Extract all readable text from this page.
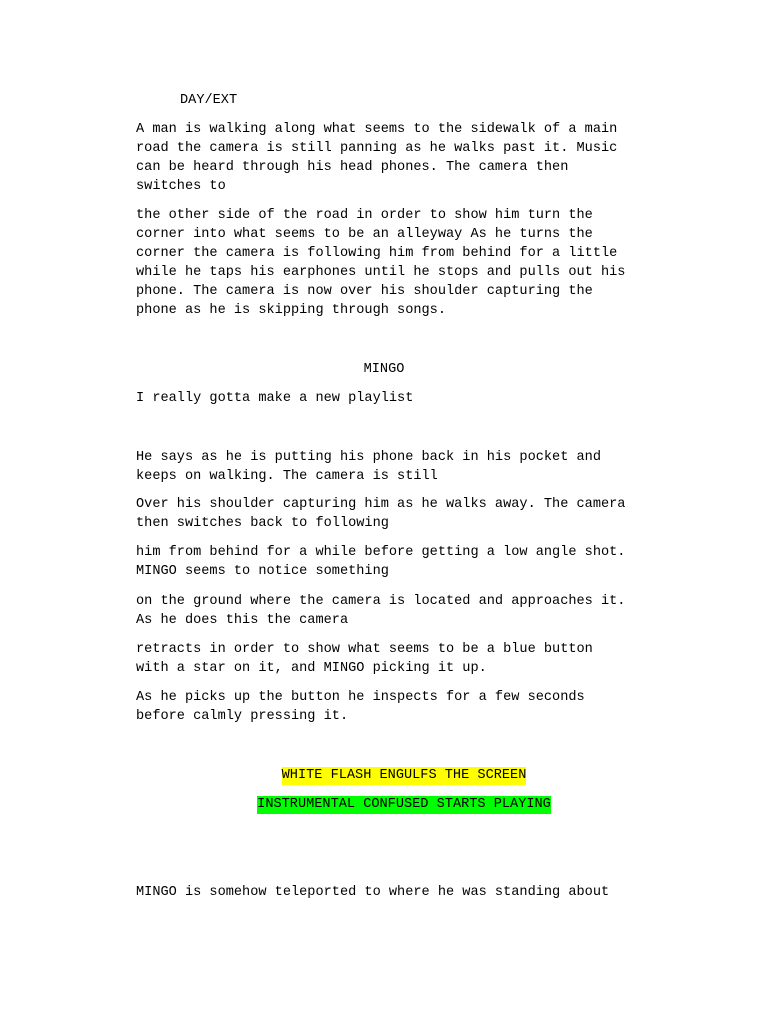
DAY/EXT

A man is walking along what seems to the sidewalk of a main
road the camera is still panning as he walks past it. Music
can be heard through his head phones. The camera then
switches to

the other side of the road in order to show him turn the
corner into what seems to be an alleyway As he turns the
corner the camera is following him from behind for a little
while he taps his earphones until he stops and pulls out his
phone. The camera is now over his shoulder capturing the
phone as he is skipping through songs.

MINGO

I really gotta make a new playlist

He says as he is putting his phone back in his pocket and
keeps on walking. The camera is still

Over his shoulder capturing him as he walks away. The camera
then switches back to following

him from behind for a while before getting a low angle shot.
MINGO seems to notice something

on the ground where the camera is located and approaches it.
As he does this the camera

retracts in order to show what seems to be a blue button
with a star on it, and MINGO picking it up.

As he picks up the button he inspects for a few seconds
before calmly pressing it.

WHITE FLASH ENGULFS THE SCREEN

INSTRUMENTAL CONFUSED STARTS PLAYING

MINGO is somehow teleported to where he was standing about
